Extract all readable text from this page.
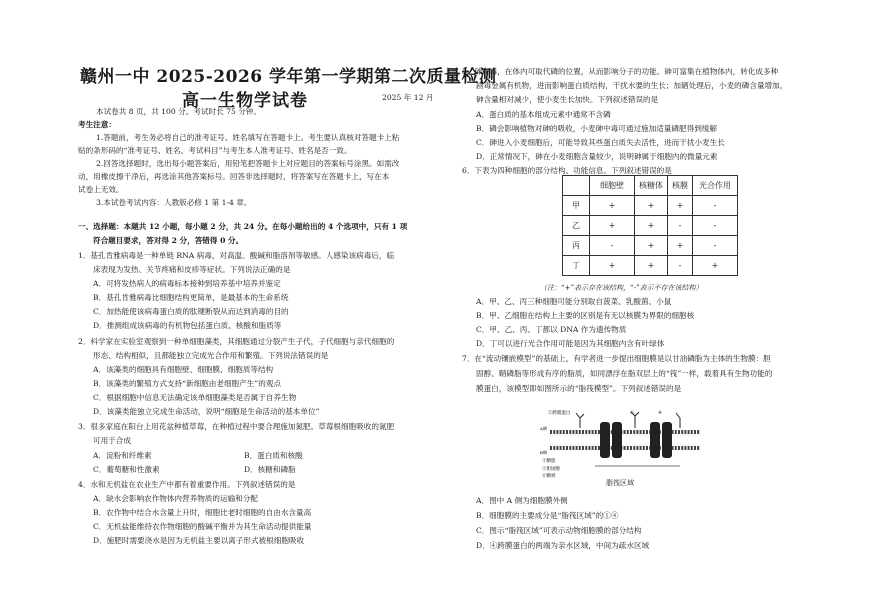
赣州一中 2025-2026 学年第一学期第二次质量检测
高一生物学试卷	2025 年 12 月
本试卷共 8 页，共 100 分。考试时长 75 分钟。
考生注意：
1.答题前，考生务必将自己的准考证号、姓名填写在答题卡上。考生要认真核对答题卡上粘
贴的条形码的“准考证号、姓名、考试科目”与考生本人准考证号、姓名是否一致。
2.回答选择题时，选出每小题答案后，用铅笔把答题卡上对应题目的答案标号涂黑。如需改
动，用橡皮擦干净后，再选涂其他答案标号。回答非选择题时，将答案写在答题卡上，写在本
试卷上无效。
3.本试卷考试内容：人教版必修 1 第 1-4 章。
一、选择题：本题共 12 小题，每小题 2 分，共 24 分。在每小题给出的 4 个选项中，只有 1 项
符合题目要求，答对得 2 分，答错得 0 分。
1．基孔肯雅病毒是一种单链 RNA 病毒，对高温、酸碱和脂溶剂等敏感。人感染该病毒后，临
床表现为发热、关节疼痛和皮疹等症状。下列说法正确的是
A．可将发热病人的病毒标本接种到培养基中培养并鉴定
B．基孔肯雅病毒比细胞结构更简单，是最基本的生命系统
C．加热能使该病毒蛋白质的肽键断裂从而达到消毒的目的
D．推测组成该病毒的有机物包括蛋白质、核酸和脂质等
2．科学家在实验室观察到一种单细胞藻类，其细胞通过分裂产生子代，子代细胞与亲代细胞的
形态、结构相似，且都能独立完成光合作用和繁殖。下列说法错误的是
A．该藻类的细胞具有细胞壁、细胞膜、细胞质等结构
B．该藻类的繁殖方式支持“新细胞由老细胞产生”的观点
C．根据细胞中信息无法确定该单细胞藻类是否属于自养生物
D．该藻类能独立完成生命活动，说明“细胞是生命活动的基本单位”
3．很多家庭在阳台上用花盆种植草莓，在种植过程中要合理施加氮肥。草莓根细胞吸收的氮肥
可用于合成
A．淀粉和纤维素	B．蛋白质和核酸
C．葡萄糖和性激素	D．核糖和磷脂
4．水和无机盐在农业生产中都有着重要作用。下列叙述错误的是
A．缺水会影响农作物体内营养物质的运输和分配
B．农作物中结合水含量上升时，细胞比老时细胞的自由水含量高
C．无机盐能维持农作物细胞的酸碱平衡并为其生命活动提供能量
D．施肥时需要浇水是因为无机盐主要以离子形式被根细胞吸收
5．砷有毒，在体内可取代磷的位置，从而影响分子的功能。砷可富集在植物体内，转化成多种
剧毒金属有机物，进而影响蛋白质结构，干扰水要的生长；加硒处理后，小麦的磷含量增加，
砷含量相对减少，使小麦生长加快。下列叙述错误的是
A．蛋白质的基本组成元素中通常不含磷
B．磷会影响植物对砷的吸收，小麦砷中毒可通过施加适量磷肥得到缓解
C．砷进入小麦细胞后，可能导致其些蛋白质失去活性，进而干扰小麦生长
D．正常情况下，砷在小麦细胞含量较少，说明砷属于细胞内的微量元素
6．下表为四种细胞的部分结构、功能信息。下列叙述错误的是
	细胞壁	核糖体	核膜	光合作用
甲	+	+	+	-
乙	+	+	-	-
丙	-	+	+	-
丁	+	+	-	+
（注：“+”表示存在该结构，“-”表示不存在该结构）
A．甲、乙、丙三种细胞可能分别取自菠菜、乳酸菌、小鼠
B．甲、乙细胞在结构上主要的区别是有无以核膜为界限的细胞核
C．甲、乙、丙、丁都以 DNA 作为遗传物质
D．丁可以进行光合作用可能是因为其细胞内含有叶绿体
7．在“流动镶嵌模型”的基础上，有学者进一步提出细胞膜是以甘油磷脂为主体的生物膜：胆
固醇、鞘磷脂等形成有序的脂质，如同漂浮在脂双层上的“筏”一样，载着具有生物功能的
膜蛋白，该模型即如图所示的“脂筏模型”。下列叙述错误的是
②跨膜蛋白	①	④
A侧
B侧
③糖脂
⑤胆固醇
⑥糖被
脂筏区域
A．图中 A 侧为细胞膜外侧
B．细胞膜的主要成分是“脂筏区域”的①④
C．图示“脂筏区域”可表示动物细胞膜的部分结构
D．④跨膜蛋白的两端为亲水区域，中间为疏水区域
